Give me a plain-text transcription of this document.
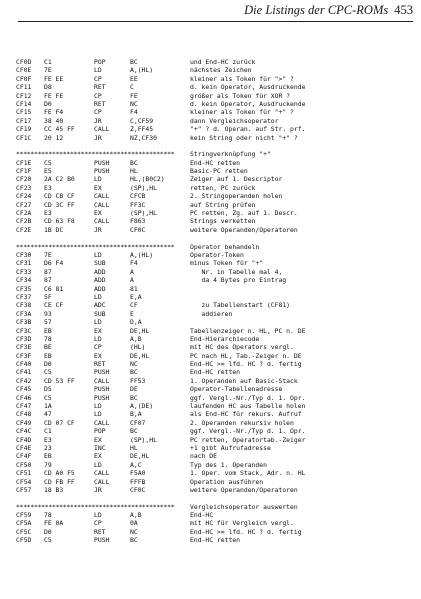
Die Listings der CPC-ROMs 453
CF0D C1	POP	BC	und End-HC zurück
CF0E 7E	LD	A,(HL)	nächstes Zeichen
CF0F FE EE	CP	EE	kleiner als Token für ">" ?
CF11 D8	RET	C	d. kein Operator, Ausdruckende
CF12 FE FE	CP	FE	größer als Token für XOR ?
CF14 D0	RET	NC	d. kein Operator, Ausdruckende
CF15 FE F4	CP	F4	kleiner als Token für "+" ?
CF17 38 40	JR	C,CF59	dann Vergleichsoperator
CF19 CC 45 FF	CALL	Z,FF45	"+" ? d. Operan. auf Str. prf.
CF1C 20 12	JR	NZ,CF30	kein String oder nicht "+" ?
******************************************** Stringverknüpfung "+"
CF1E C5	PUSH	BC	End-HC retten
CF1F E5	PUSH	HL	Basic-PC retten
CF20 2A C2 B0	LD	HL,(B0C2)	Zeiger auf 1. Descriptor
CF23 E3	EX	(SP),HL	retten, PC zurück
CF24 CD CB CF	CALL	CFCB	2. Stringoperanden holen
CF27 CD 3C FF	CALL	FF3C	auf String prüfen
CF2A E3	EX	(SP),HL	PC retten, Zg. auf 1. Descr.
CF2B CD 63 F8	CALL	F863	Strings verketten
CF2E 1B DC	JR	CF0C	weitere Operanden/Operatoren
******************************************** Operator behandeln
CF30 7E	LD	A,(HL)	Operator-Token
CF31 D6 F4	SUB	F4	minus Token für "+"
CF33 87	ADD	A	Nr. in Tabelle mal 4,
CF34 87	ADD	A	da 4 Bytes pro Eintrag
CF35 C6 81	ADD	81
CF37 5F	LD	E,A
CF38 CE CF	ADC	CF	zu Tabellenstart (CF81)
CF3A 93	SUB	E	addieren
CF3B 57	LD	D,A
CF3C EB	EX	DE,HL	Tabellenzeiger n. HL, PC n. DE
CF3D 78	LD	A,B	End-Hierarchiecode
CF3E BE	CP	(HL)	mit HC des Operators vergl.
CF3F EB	EX	DE,HL	PC nach HL, Tab.-Zeiger n. DE
CF40 D0	RET	NC	End-HC >= lfd. HC ? d. fertig
CF41 C5	PUSH	BC	End-HC retten
CF42 CD 53 FF	CALL	FF53	1. Operanden auf Basic-Stack
CF45 D5	PUSH	DE	Operator-Tabellenadresse
CF46 C5	PUSH	BC	ggf. Vergl.-Nr./Typ d. 1. Opr.
CF47 1A	LD	A,(DE)	laufenden HC aus Tabelle holen
CF48 47	LD	B,A	als End-HC für rekurs. Aufruf
CF49 CD 07 CF	CALL	CF07	2. Operanden rekursiv holen
CF4C C1	POP	BC	ggf. Vergl.-Nr./Typ d. 1. Opr.
CF4D E3	EX	(SP),HL	PC retten, Operatortab.-Zeiger
CF4E 23	INC	HL	+1 gibt Aufrufadresse
CF4F EB	EX	DE,HL	nach DE
CF50 79	LD	A,C	Typ des 1. Operanden
CF51 CD A0 F5	CALL	F5A0	1. Oper. vom Stack, Adr. n. HL
CF54 CD FB FF	CALL	FFFB	Operation ausführen
CF57 18 B3	JR	CF0C	weitere Operanden/Operatoren
******************************************** Vergleichsoperator auswerten
CF59 78	LD	A,B	End-HC
CF5A FE 0A	CP	0A	mit HC für Vergleich vergl.
CF5C D0	RET	NC	End-HC >= lfd. HC ? d. fertig
CF5D C5	PUSH	BC	End-HC retten
